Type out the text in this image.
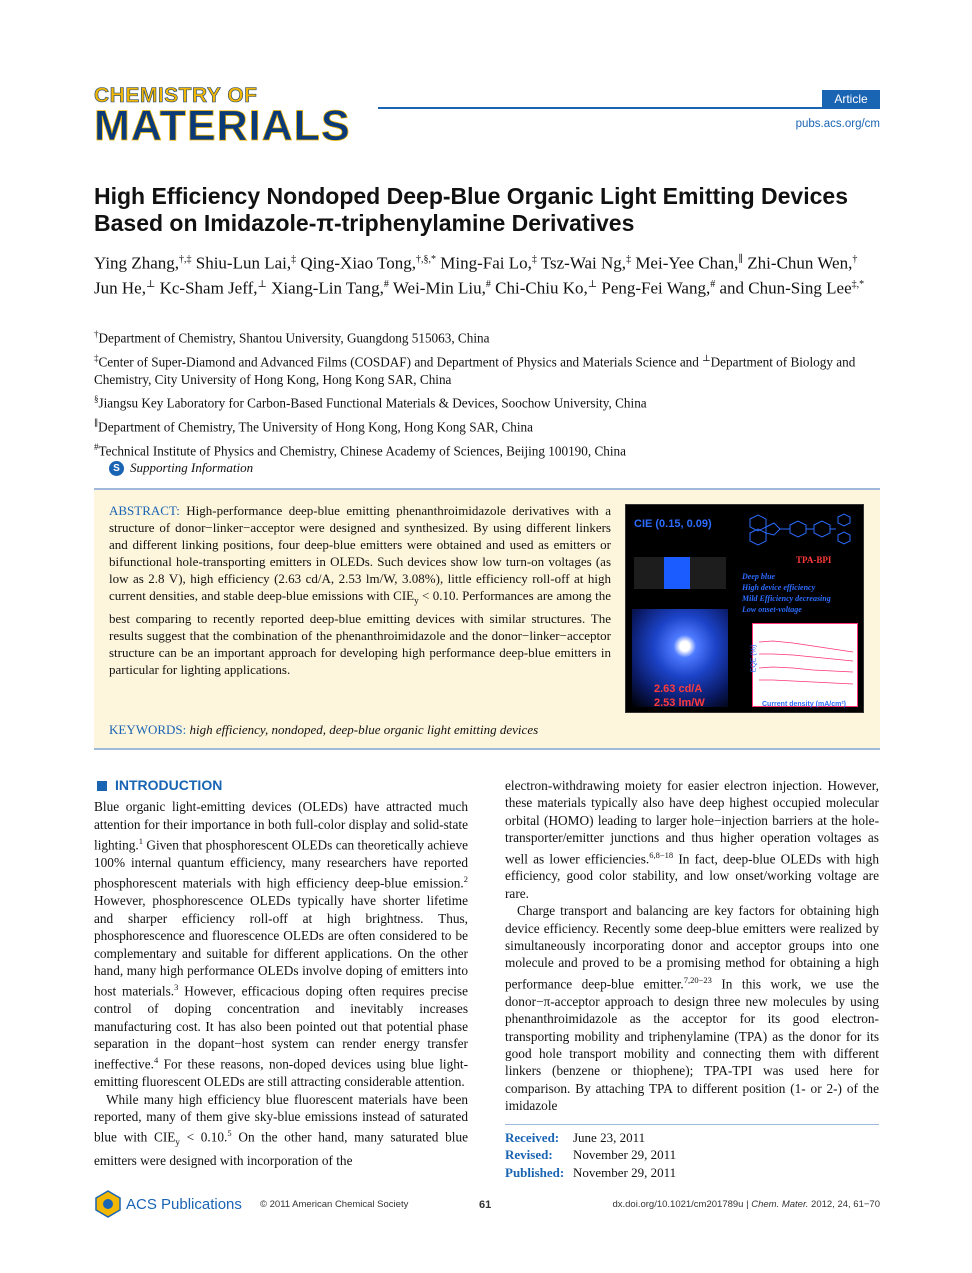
CHEMISTRY OF
MATERIALS
Article
pubs.acs.org/cm
High Efficiency Nondoped Deep-Blue Organic Light Emitting Devices
Based on Imidazole-π-triphenylamine Derivatives
Ying Zhang,†,‡ Shiu-Lun Lai,‡ Qing-Xiao Tong,†,§,* Ming-Fai Lo,‡ Tsz-Wai Ng,‡ Mei-Yee Chan,∥ Zhi-Chun Wen,† Jun He,⊥ Kc-Sham Jeff,⊥ Xiang-Lin Tang,# Wei-Min Liu,# Chi-Chiu Ko,⊥ Peng-Fei Wang,# and Chun-Sing Lee‡,*

†Department of Chemistry, Shantou University, Guangdong 515063, China

‡Center of Super-Diamond and Advanced Films (COSDAF) and Department of Physics and Materials Science and ⊥Department of Biology and Chemistry, City University of Hong Kong, Hong Kong SAR, China

§Jiangsu Key Laboratory for Carbon-Based Functional Materials & Devices, Soochow University, China

∥Department of Chemistry, The University of Hong Kong, Hong Kong SAR, China

#Technical Institute of Physics and Chemistry, Chinese Academy of Sciences, Beijing 100190, China

S Supporting Information
ABSTRACT: High-performance deep-blue emitting phenanthroimidazole derivatives with a structure of donor−linker−acceptor were designed and synthesized. By using different linkers and different linking positions, four deep-blue emitters were obtained and used as emitters or bifunctional hole-transporting emitters in OLEDs. Such devices show low turn-on voltages (as low as 2.8 V), high efficiency (2.63 cd/A, 2.53 lm/W, 3.08%), little efficiency roll-off at high current densities, and stable deep-blue emissions with $CIE_y < 0.10$. Performances are among the best comparing to recently reported deep-blue emitting devices with similar structures. The results suggest that the combination of the phenanthroimidazole and the donor−linker−acceptor structure can be an important approach for developing high performance deep-blue emitters in particular for lighting applications.
CIE (0.15, 0.09)
2.63 cd/A
2.53 lm/W
TPA-BPI
Deep blue
High device efficiency
Mild Efficiency decreasing
Low onset-voltage
EQE (%)
Current density (mA/cm²)
KEYWORDS: high efficiency, nondoped, deep-blue organic light emitting devices
INTRODUCTION

Blue organic light-emitting devices (OLEDs) have attracted much attention for their importance in both full-color display and solid-state lighting.$^1$ Given that phosphorescent OLEDs can theoretically achieve 100% internal quantum efficiency, many researchers have reported phosphorescent materials with high efficiency deep-blue emission.$^2$ However, phosphorescence OLEDs typically have shorter lifetime and sharper efficiency roll-off at high brightness. Thus, phosphorescence and fluorescence OLEDs are often considered to be complementary and suitable for different applications. On the other hand, many high performance OLEDs involve doping of emitters into host materials.$^3$ However, efficacious doping often requires precise control of doping concentration and inevitably increases manufacturing cost. It has also been pointed out that potential phase separation in the dopant−host system can render energy transfer ineffective.$^4$ For these reasons, non-doped devices using blue light-emitting fluorescent OLEDs are still attracting considerable attention.

While many high efficiency blue fluorescent materials have been reported, many of them give sky-blue emissions instead of saturated blue with $CIE_y < 0.10.^5$ On the other hand, many saturated blue emitters were designed with incorporation of the

electron-withdrawing moiety for easier electron injection. However, these materials typically also have deep highest occupied molecular orbital (HOMO) leading to larger hole−injection barriers at the hole-transporter/emitter junctions and thus higher operation voltages as well as lower efficiencies.$^{6,8-18}$ In fact, deep-blue OLEDs with high efficiency, good color stability, and low onset/working voltage are rare.

Charge transport and balancing are key factors for obtaining high device efficiency. Recently some deep-blue emitters were realized by simultaneously incorporating donor and acceptor groups into one molecule and proved to be a promising method for obtaining a high performance deep-blue emitter.$^{7,20-23}$ In this work, we use the donor−π-acceptor approach to design three new molecules by using phenanthroimidazole as the acceptor for its good electron-transporting mobility and triphenylamine (TPA) as the donor for its good hole transport mobility and connecting them with different linkers (benzene or thiophene); TPA-TPI was used here for comparison. By attaching TPA to different position (1- or 2-) of the imidazole

Received:	June 23, 2011
Revised:	November 29, 2011
Published: November 29, 2011
ACS Publications © 2011 American Chemical Society	61	dx.doi.org/10.1021/cm201789u | Chem. Mater. 2012, 24, 61−70
